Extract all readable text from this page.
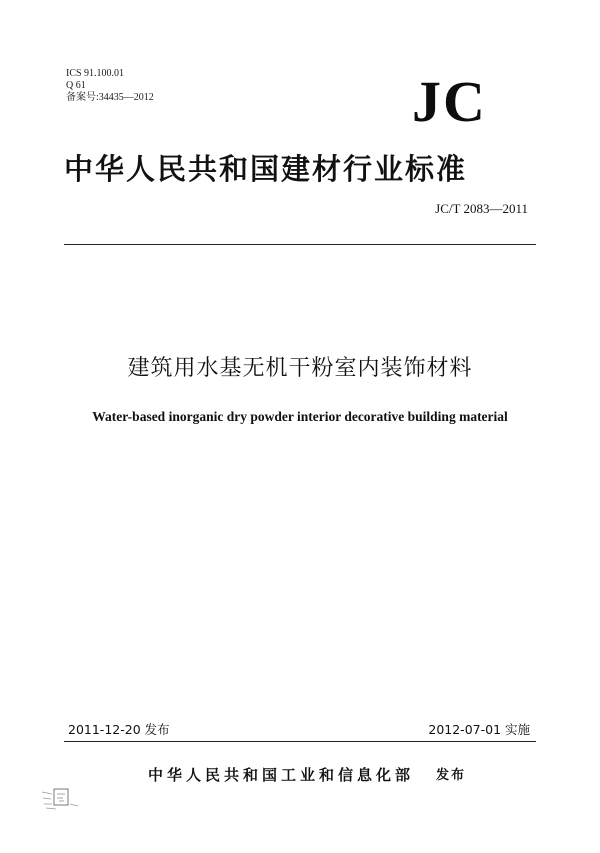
ICS 91.100.01
Q 61
备案号:34435—2012	JC
中华人民共和国建材行业标准
JC/T 2083—2011
建筑用水基无机干粉室内装饰材料
Water-based inorganic dry powder interior decorative building material
2011-12-20 发布	2012-07-01 实施
中华人民共和国工业和信息化部 发布
